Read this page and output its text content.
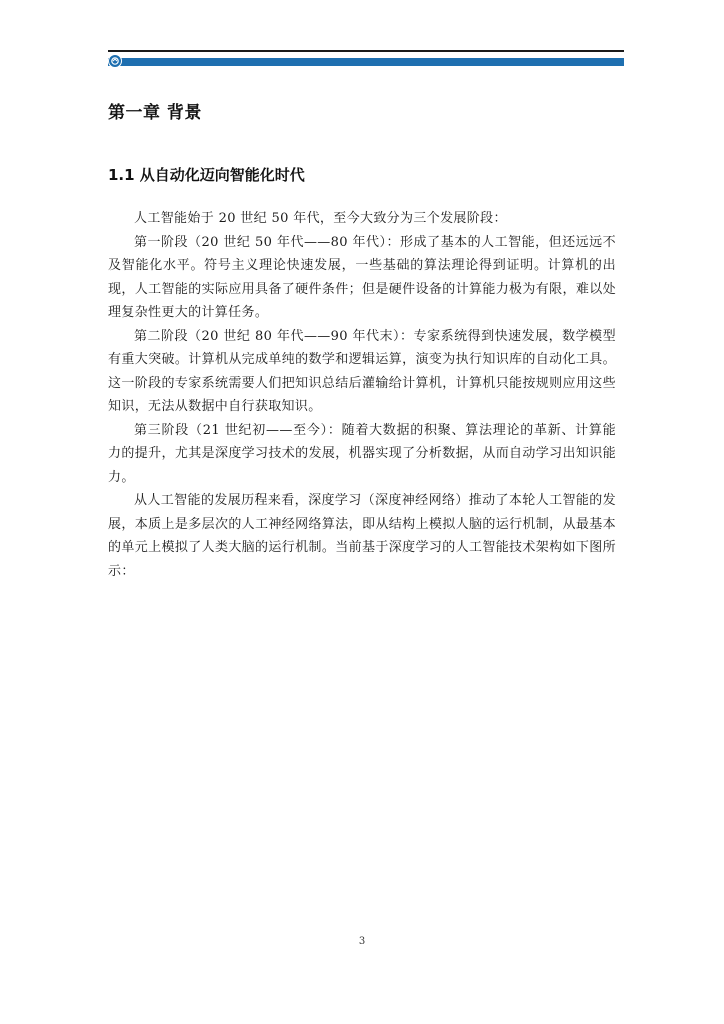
第一章 背景
1.1 从自动化迈向智能化时代

人工智能始于 20 世纪 50 年代，至今大致分为三个发展阶段：

第一阶段（20 世纪 50 年代——80 年代）：形成了基本的人工智能，但还远远不及智能化水平。符号主义理论快速发展，一些基础的算法理论得到证明。计算机的出现，人工智能的实际应用具备了硬件条件；但是硬件设备的计算能力极为有限，难以处理复杂性更大的计算任务。

第二阶段（20 世纪 80 年代——90 年代末）：专家系统得到快速发展，数学模型有重大突破。计算机从完成单纯的数学和逻辑运算，演变为执行知识库的自动化工具。这一阶段的专家系统需要人们把知识总结后灌输给计算机，计算机只能按规则应用这些知识，无法从数据中自行获取知识。

第三阶段（21 世纪初——至今）：随着大数据的积聚、算法理论的革新、计算能力的提升，尤其是深度学习技术的发展，机器实现了分析数据，从而自动学习出知识能力。

从人工智能的发展历程来看，深度学习（深度神经网络）推动了本轮人工智能的发展，本质上是多层次的人工神经网络算法，即从结构上模拟人脑的运行机制，从最基本的单元上模拟了人类大脑的运行机制。当前基于深度学习的人工智能技术架构如下图所示：

3
